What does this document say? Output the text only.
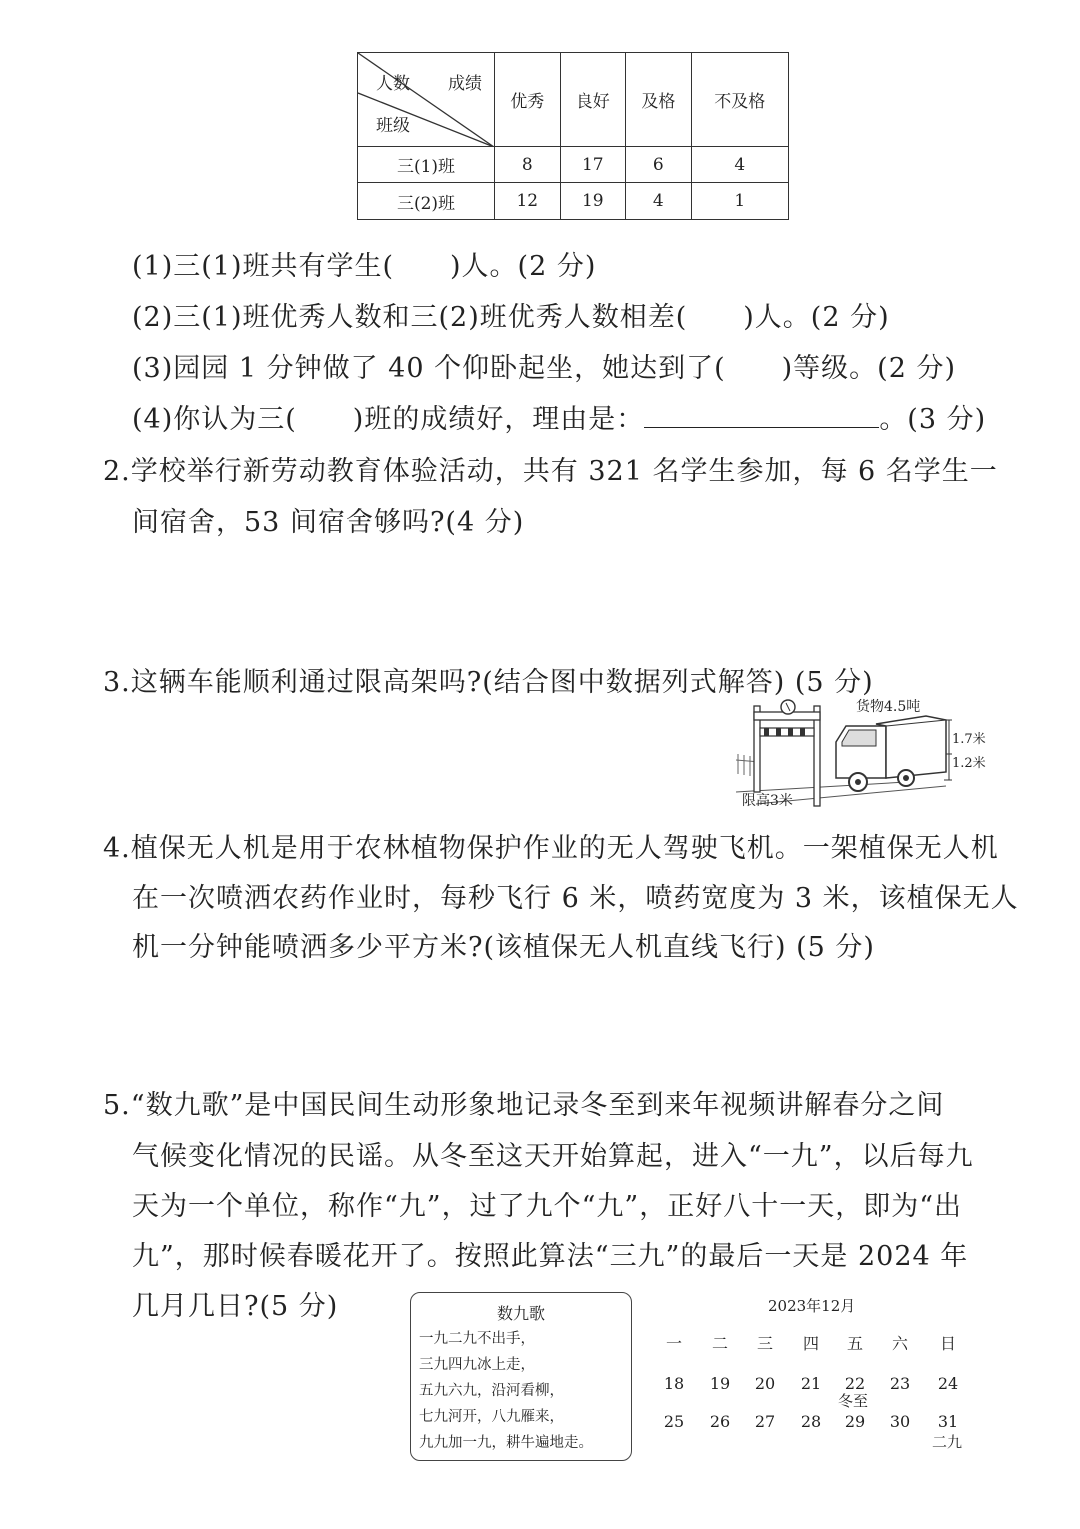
人数 成绩
班级	优秀	良好	及格	不及格
三(1)班	8	17	6	4
三(2)班	12	19	4	1
(1)三(1)班共有学生(　　)人。(2 分)
(2)三(1)班优秀人数和三(2)班优秀人数相差(　　)人。(2 分)
(3)园园 1 分钟做了 40 个仰卧起坐，她达到了(　　)等级。(2 分)
(4)你认为三(　　)班的成绩好，理由是：	。(3 分)
2.学校举行新劳动教育体验活动，共有 321 名学生参加，每 6 名学生一
间宿舍，53 间宿舍够吗?(4 分)
3.这辆车能顺利通过限高架吗?(结合图中数据列式解答) (5 分)
货物4.5吨
1.7米
1.2米
限高3米
4.植保无人机是用于农林植物保护作业的无人驾驶飞机。一架植保无人机
在一次喷洒农药作业时，每秒飞行 6 米，喷药宽度为 3 米，该植保无人
机一分钟能喷洒多少平方米?(该植保无人机直线飞行) (5 分)
5.“数九歌”是中国民间生动形象地记录冬至到来年视频讲解春分之间
气候变化情况的民谣。从冬至这天开始算起，进入“一九”，以后每九
天为一个单位，称作“九”，过了九个“九”，正好八十一天，即为“出
九”，那时候春暖花开了。按照此算法“三九”的最后一天是 2024 年
几月几日?(5 分)	数九歌
一九二九不出手，
三九四九冰上走，
五九六九，沿河看柳，
七九河开，八九雁来，
九九加一九，耕牛遍地走。
2023年12月
一	二	三	四	五	六	日
18	19	20	21	22	23	24
冬至
25	26	27	28	29	30	31
二九
